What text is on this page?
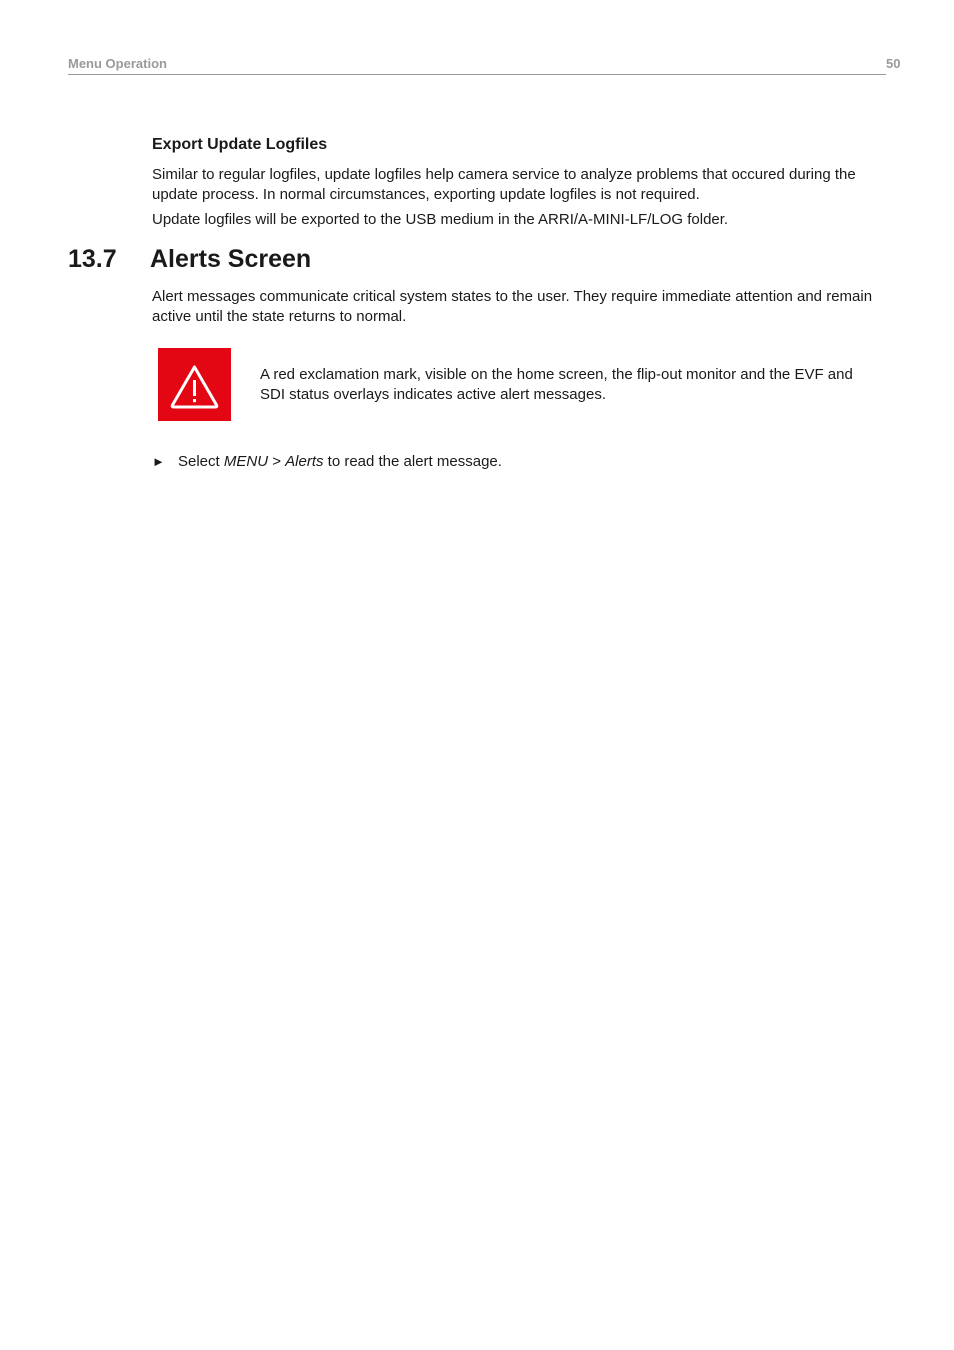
Menu Operation	50
Export Update Logfiles

Similar to regular logfiles, update logfiles help camera service to analyze problems that occured during the update process. In normal circumstances, exporting update logfiles is not required.

Update logfiles will be exported to the USB medium in the ARRI/A-MINI-LF/LOG folder.

13.7 Alerts Screen

Alert messages communicate critical system states to the user. They require immediate attention and remain active until the state returns to normal.

A red exclamation mark, visible on the home screen, the flip-out monitor and the EVF and SDI status overlays indicates active alert messages.

► Select MENU > Alerts to read the alert message.
